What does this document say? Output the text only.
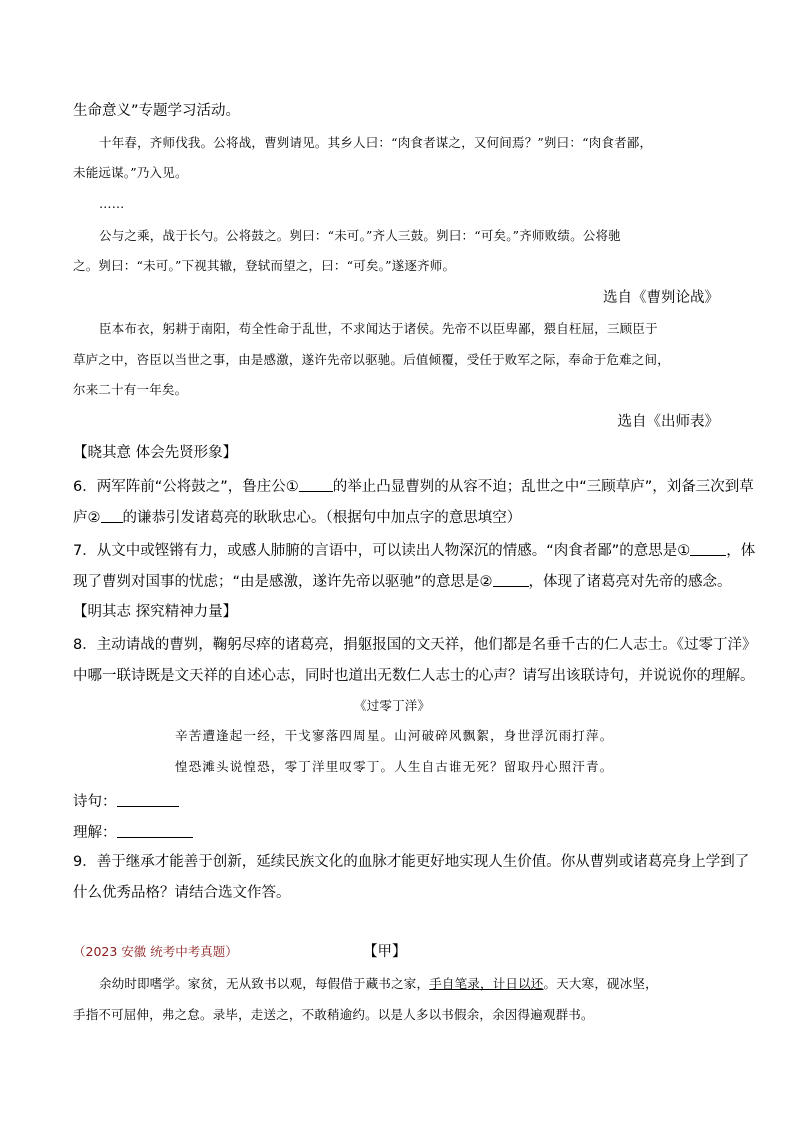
生命意义”专题学习活动。
十年春，齐师伐我。公将战，曹刿请见。其乡人曰：“肉食者谋之，又何间焉？”刿曰：“肉食者鄙，
未能远谋。”乃入见。
……
公与之乘，战于长勺。公将鼓之。刿曰：“未可。”齐人三鼓。刿曰：“可矣。”齐师败绩。公将驰
之。刿曰：“未可。”下视其辙，登轼而望之，曰：“可矣。”遂逐齐师。
选自《曹刿论战》
臣本布衣，躬耕于南阳，苟全性命于乱世，不求闻达于诸侯。先帝不以臣卑鄙，猥自枉屈，三顾臣于
草庐之中，咨臣以当世之事，由是感激，遂许先帝以驱驰。后值倾覆，受任于败军之际，奉命于危难之间，
尔来二十有一年矣。
选自《出师表》
【晓其意 体会先贤形象】
6．两军阵前“公将鼓之”，鲁庄公① 的举止凸显曹刿的从容不迫；乱世之中“三顾草庐”，刘备三次到草
庐② 的谦恭引发诸葛亮的耿耿忠心。（根据句中加点字的意思填空）
7．从文中或铿锵有力，或感人肺腑的言语中，可以读出人物深沉的情感。“肉食者鄙”的意思是① ，体
现了曹刿对国事的忧虑；“由是感激，遂许先帝以驱驰”的意思是② ，体现了诸葛亮对先帝的感念。
【明其志 探究精神力量】
8．主动请战的曹刿，鞠躬尽瘁的诸葛亮，捐躯报国的文天祥，他们都是名垂千古的仁人志士。《过零丁洋》
中哪一联诗既是文天祥的自述心志，同时也道出无数仁人志士的心声？请写出该联诗句，并说说你的理解。
《过零丁洋》
辛苦遭逢起一经，干戈寥落四周星。山河破碎风飘絮，身世浮沉雨打萍。
惶恐滩头说惶恐，零丁洋里叹零丁。人生自古谁无死？留取丹心照汗青。
诗句：
理解：
9．善于继承才能善于创新，延续民族文化的血脉才能更好地实现人生价值。你从曹刿或诸葛亮身上学到了
什么优秀品格？请结合选文作答。
（2023 安徽 统考中考真题）	【甲】
余幼时即嗜学。家贫，无从致书以观，每假借于藏书之家，手自笔录，计日以还。天大寒，砚冰坚，
手指不可屈伸，弗之怠。录毕，走送之，不敢稍逾约。以是人多以书假余，余因得遍观群书。
